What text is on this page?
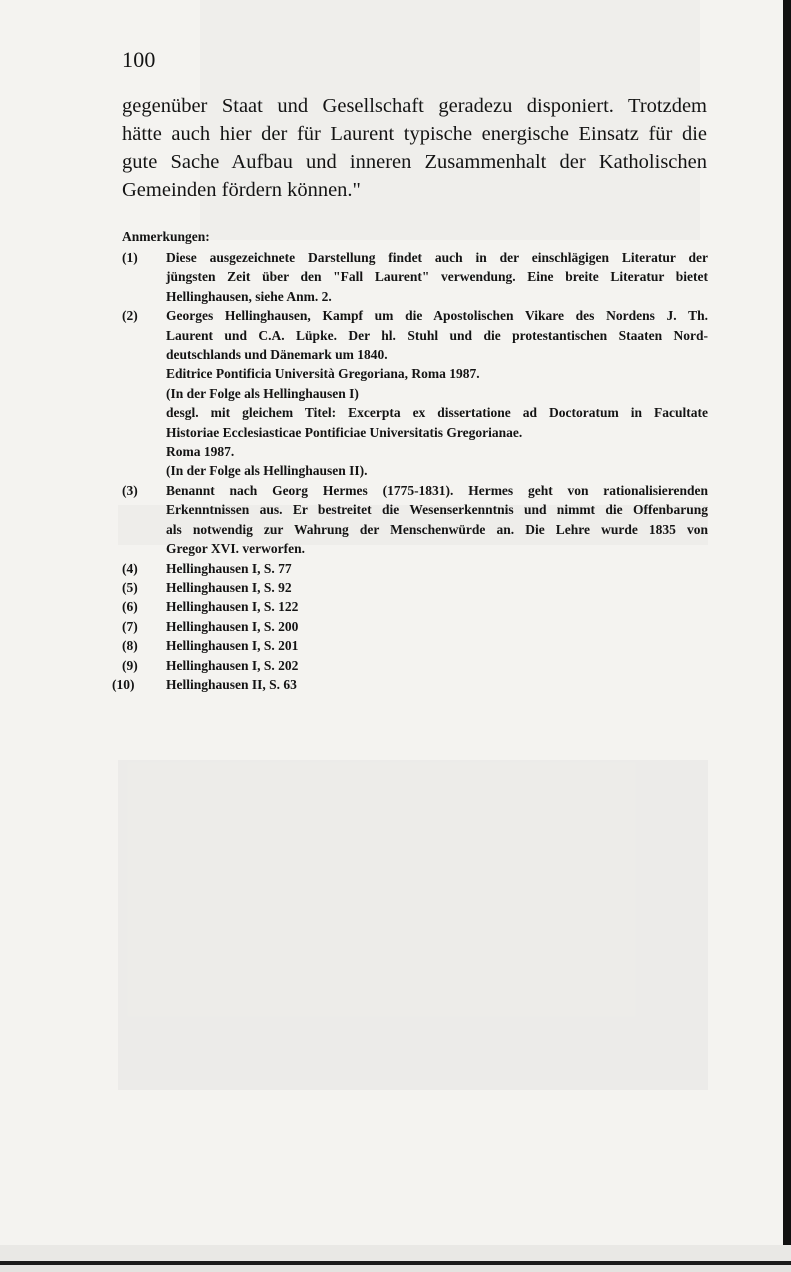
100
gegenüber Staat und Gesellschaft geradezu disponiert. Trotzdem
hätte auch hier der für Laurent typische energische Einsatz für die
gute Sache Aufbau und inneren Zusammenhalt der Katholischen
Gemeinden fördern können."
Anmerkungen:
(1)	Diese ausgezeichnete Darstellung findet auch in der einschlägigen Literatur der
jüngsten Zeit über den "Fall Laurent" verwendung. Eine breite Literatur bietet
Hellinghausen, siehe Anm. 2.
(2)	Georges Hellinghausen, Kampf um die Apostolischen Vikare des Nordens J. Th.
Laurent und C.A. Lüpke. Der hl. Stuhl und die protestantischen Staaten Nord-
deutschlands und Dänemark um 1840.
Editrice Pontificia Università Gregoriana, Roma 1987.
(In der Folge als Hellinghausen I)
desgl. mit gleichem Titel: Excerpta ex dissertatione ad Doctoratum in Facultate
Historiae Ecclesiasticae Pontificiae Universitatis Gregorianae.
Roma 1987.
(In der Folge als Hellinghausen II).
(3)	Benannt nach Georg Hermes (1775-1831). Hermes geht von rationalisierenden
Erkenntnissen aus. Er bestreitet die Wesenserkenntnis und nimmt die Offenbarung
als notwendig zur Wahrung der Menschenwürde an. Die Lehre wurde 1835 von
Gregor XVI. verworfen.
(4)	Hellinghausen I, S. 77
(5)	Hellinghausen I, S. 92
(6)	Hellinghausen I, S. 122
(7)	Hellinghausen I, S. 200
(8)	Hellinghausen I, S. 201
(9)	Hellinghausen I, S. 202
(10)	Hellinghausen II, S. 63
